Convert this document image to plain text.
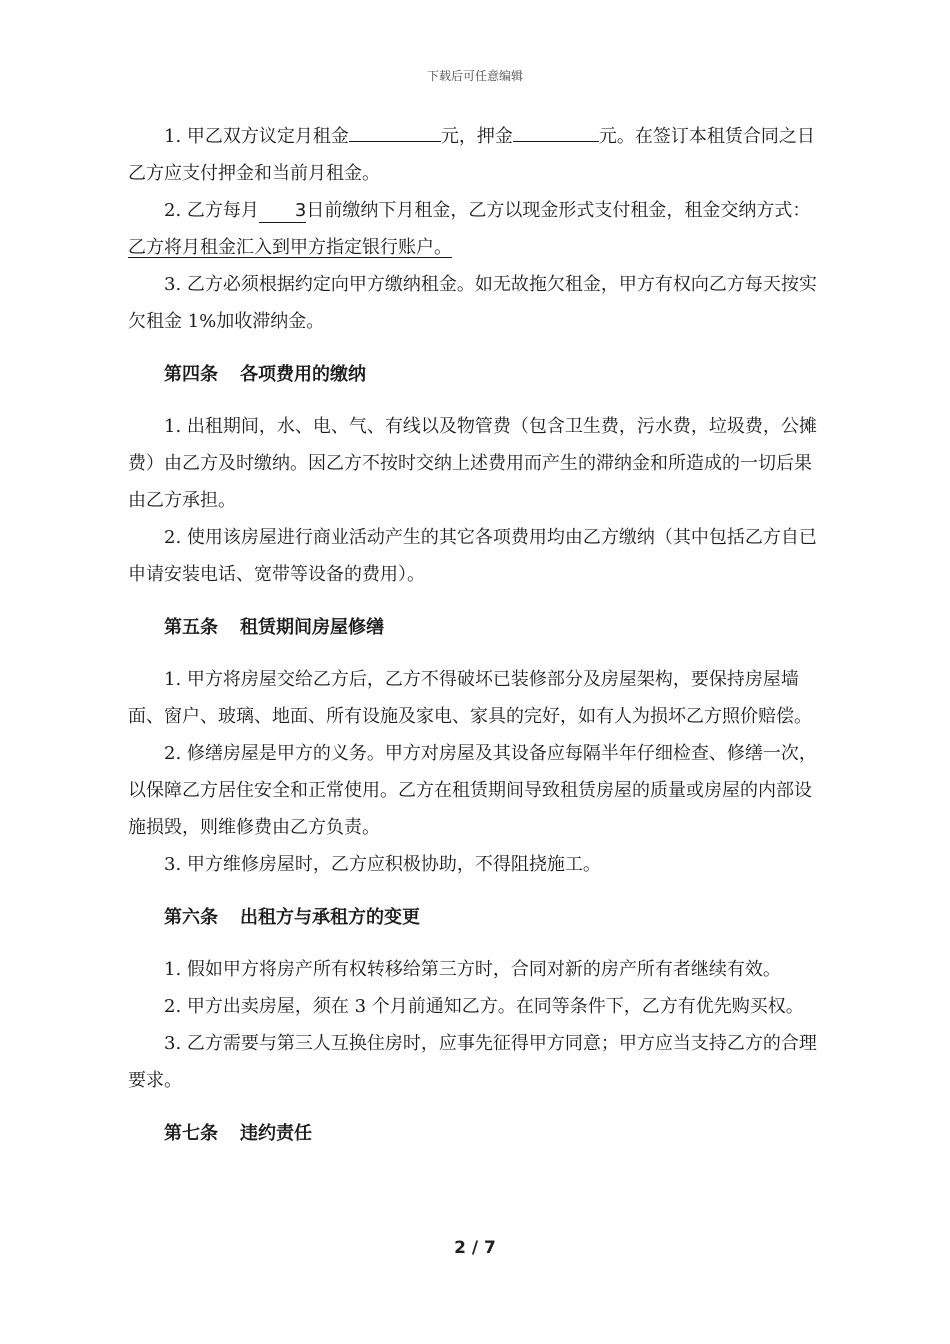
下载后可任意编辑

1. 甲乙双方议定月租金	元，押金	元。在签订本租赁合同之日乙方应支付押金和当前月租金。

2. 乙方每月 3日前缴纳下月租金，乙方以现金形式支付租金，租金交纳方式：乙方将月租金汇入到甲方指定银行账户。

3. 乙方必须根据约定向甲方缴纳租金。如无故拖欠租金，甲方有权向乙方每天按实欠租金 1%加收滞纳金。

第四条 各项费用的缴纳

1. 出租期间，水、电、气、有线以及物管费（包含卫生费，污水费，垃圾费，公摊费）由乙方及时缴纳。因乙方不按时交纳上述费用而产生的滞纳金和所造成的一切后果由乙方承担。

2. 使用该房屋进行商业活动产生的其它各项费用均由乙方缴纳（其中包括乙方自已申请安装电话、宽带等设备的费用）。

第五条 租赁期间房屋修缮

1. 甲方将房屋交给乙方后，乙方不得破坏已装修部分及房屋架构，要保持房屋墙面、窗户、玻璃、地面、所有设施及家电、家具的完好，如有人为损坏乙方照价赔偿。

2. 修缮房屋是甲方的义务。甲方对房屋及其设备应每隔半年仔细检查、修缮一次，以保障乙方居住安全和正常使用。乙方在租赁期间导致租赁房屋的质量或房屋的内部设施损毁，则维修费由乙方负责。

3. 甲方维修房屋时，乙方应积极协助，不得阻挠施工。

第六条 出租方与承租方的变更

1. 假如甲方将房产所有权转移给第三方时，合同对新的房产所有者继续有效。

2. 甲方出卖房屋，须在 3 个月前通知乙方。在同等条件下，乙方有优先购买权。

3. 乙方需要与第三人互换住房时，应事先征得甲方同意；甲方应当支持乙方的合理要求。

第七条 违约责任
2 / 7
